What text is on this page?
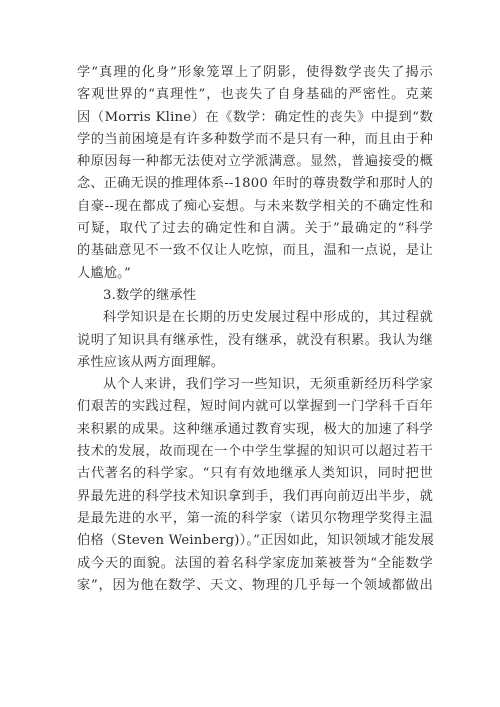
学“真理的化身”形象笼罩上了阴影，使得数学丧失了揭示
客观世界的“真理性”，也丧失了自身基础的严密性。克莱
因（Morris Kline）在《数学：确定性的丧失》中提到“数
学的当前困境是有许多种数学而不是只有一种，而且由于种
种原因每一种都无法使对立学派满意。显然，普遍接受的概
念、正确无误的推理体系--1800 年时的尊贵数学和那时人的
自豪--现在都成了痴心妄想。与未来数学相关的不确定性和
可疑，取代了过去的确定性和自满。关于”最确定的“科学
的基础意见不一致不仅让人吃惊，而且，温和一点说，是让
人尴尬。”
3.数学的继承性
科学知识是在长期的历史发展过程中形成的，其过程就
说明了知识具有继承性，没有继承，就没有积累。我认为继
承性应该从两方面理解。
从个人来讲，我们学习一些知识，无须重新经历科学家
们艰苦的实践过程，短时间内就可以掌握到一门学科千百年
来积累的成果。这种继承通过教育实现，极大的加速了科学
技术的发展，故而现在一个中学生掌握的知识可以超过若干
古代著名的科学家。“只有有效地继承人类知识，同时把世
界最先进的科学技术知识拿到手，我们再向前迈出半步，就
是最先进的水平，第一流的科学家（诺贝尔物理学奖得主温
伯格（Steven Weinberg)）。”正因如此，知识领域才能发展
成今天的面貌。法国的着名科学家庞加莱被誉为“全能数学
家”，因为他在数学、天文、物理的几乎每一个领域都做出
